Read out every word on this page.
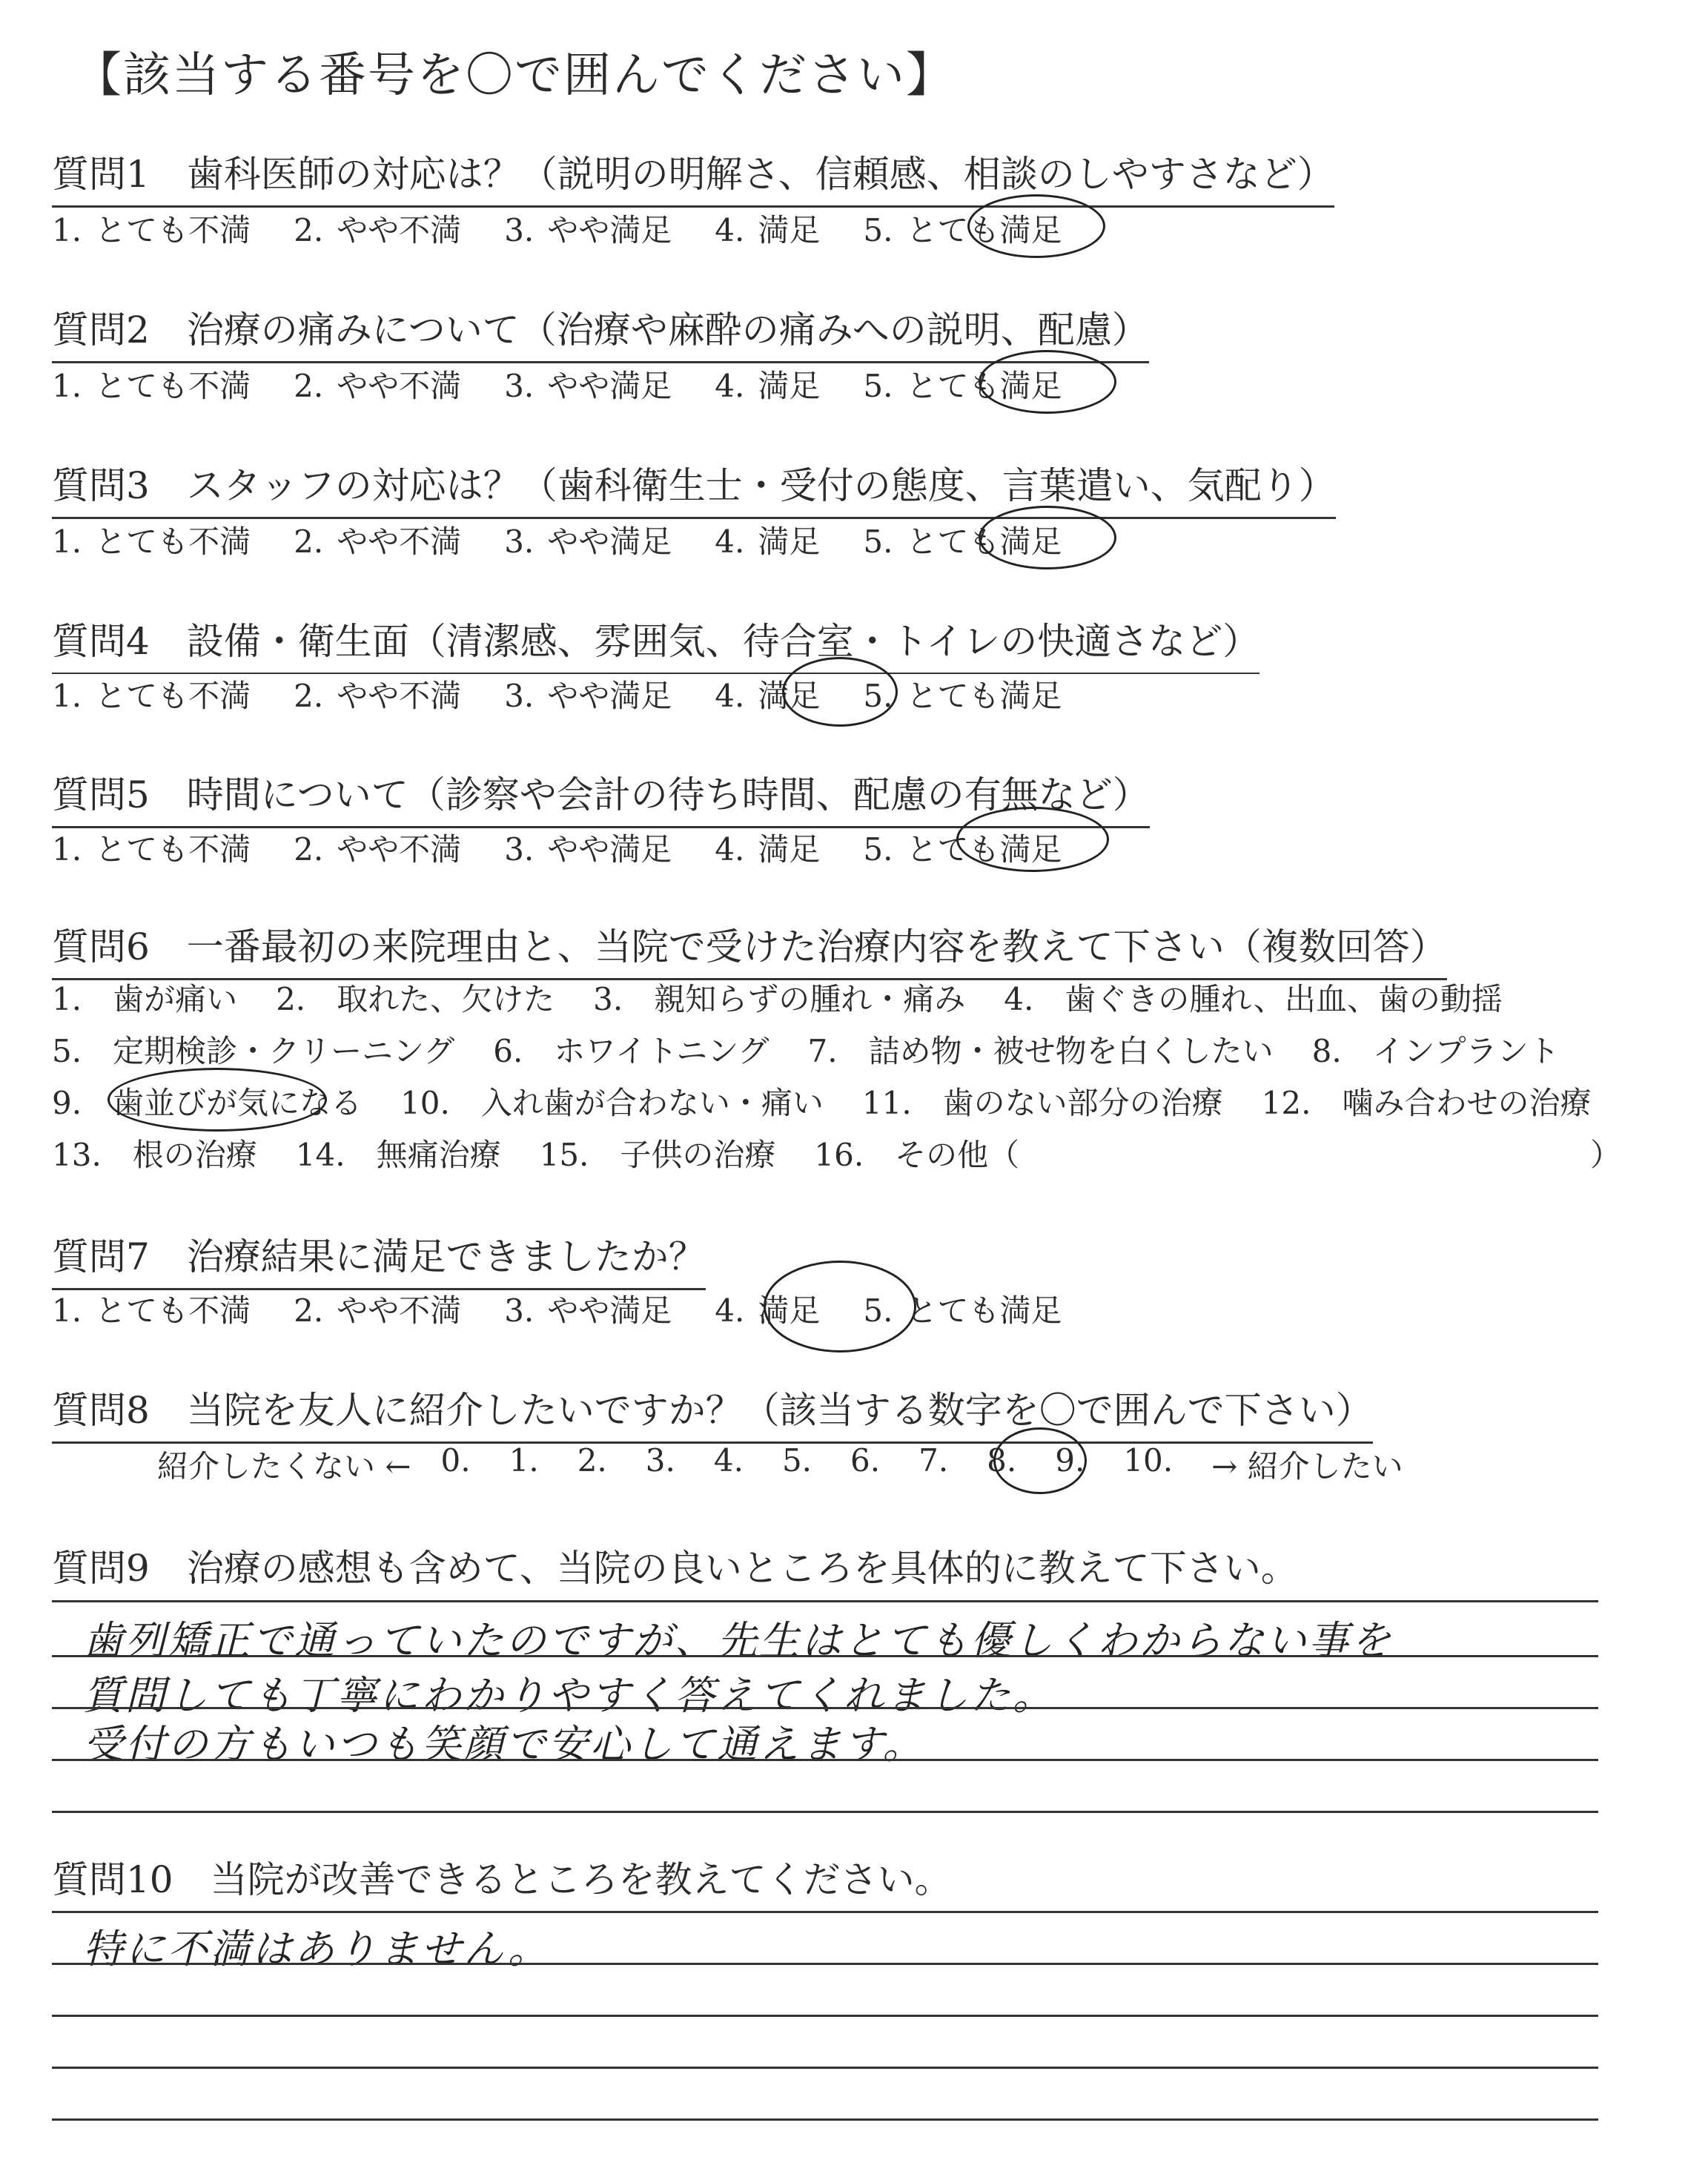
【該当する番号を〇で囲んでください】
質問1　歯科医師の対応は？（説明の明解さ、信頼感、相談のしやすさなど）
1. とても不満 2. やや不満 3. やや満足 4. 満足 5. とても満足
質問2　治療の痛みについて（治療や麻酔の痛みへの説明、配慮）
1. とても不満 2. やや不満 3. やや満足 4. 満足 5. とても満足
質問3　スタッフの対応は？（歯科衛生士・受付の態度、言葉遣い、気配り）
1. とても不満 2. やや不満 3. やや満足 4. 満足 5. とても満足
質問4　設備・衛生面（清潔感、雰囲気、待合室・トイレの快適さなど）
1. とても不満 2. やや不満 3. やや満足 4. 満足 5. とても満足
質問5　時間について（診察や会計の待ち時間、配慮の有無など）
1. とても不満 2. やや不満 3. やや満足 4. 満足 5. とても満足
質問6　一番最初の来院理由と、当院で受けた治療内容を教えて下さい（複数回答）
1.　歯が痛い 2.　取れた、欠けた 3.　親知らずの腫れ・痛み 4.　歯ぐきの腫れ、出血、歯の動揺
5.　定期検診・クリーニング 6.　ホワイトニング 7.　詰め物・被せ物を白くしたい 8.　インプラント
9.　歯並びが気になる 10.　入れ歯が合わない・痛い 11.　歯のない部分の治療 12.　噛み合わせの治療
13.　根の治療 14.　無痛治療 15.　子供の治療 16.　その他（	）
質問7　治療結果に満足できましたか？
1. とても不満 2. やや不満 3. やや満足 4. 満足 5. とても満足
質問8　当院を友人に紹介したいですか？（該当する数字を〇で囲んで下さい）
紹介したくない ← 0. 1. 2. 3. 4. 5. 6. 7. 8. 9. 10. → 紹介したい
質問9　治療の感想も含めて、当院の良いところを具体的に教えて下さい。
歯列矯正で通っていたのですが、先生はとても優しくわからない事を
質問しても丁寧にわかりやすく答えてくれました。
受付の方もいつも笑顔で安心して通えます。
質問10　当院が改善できるところを教えてください。
特に不満はありません。
